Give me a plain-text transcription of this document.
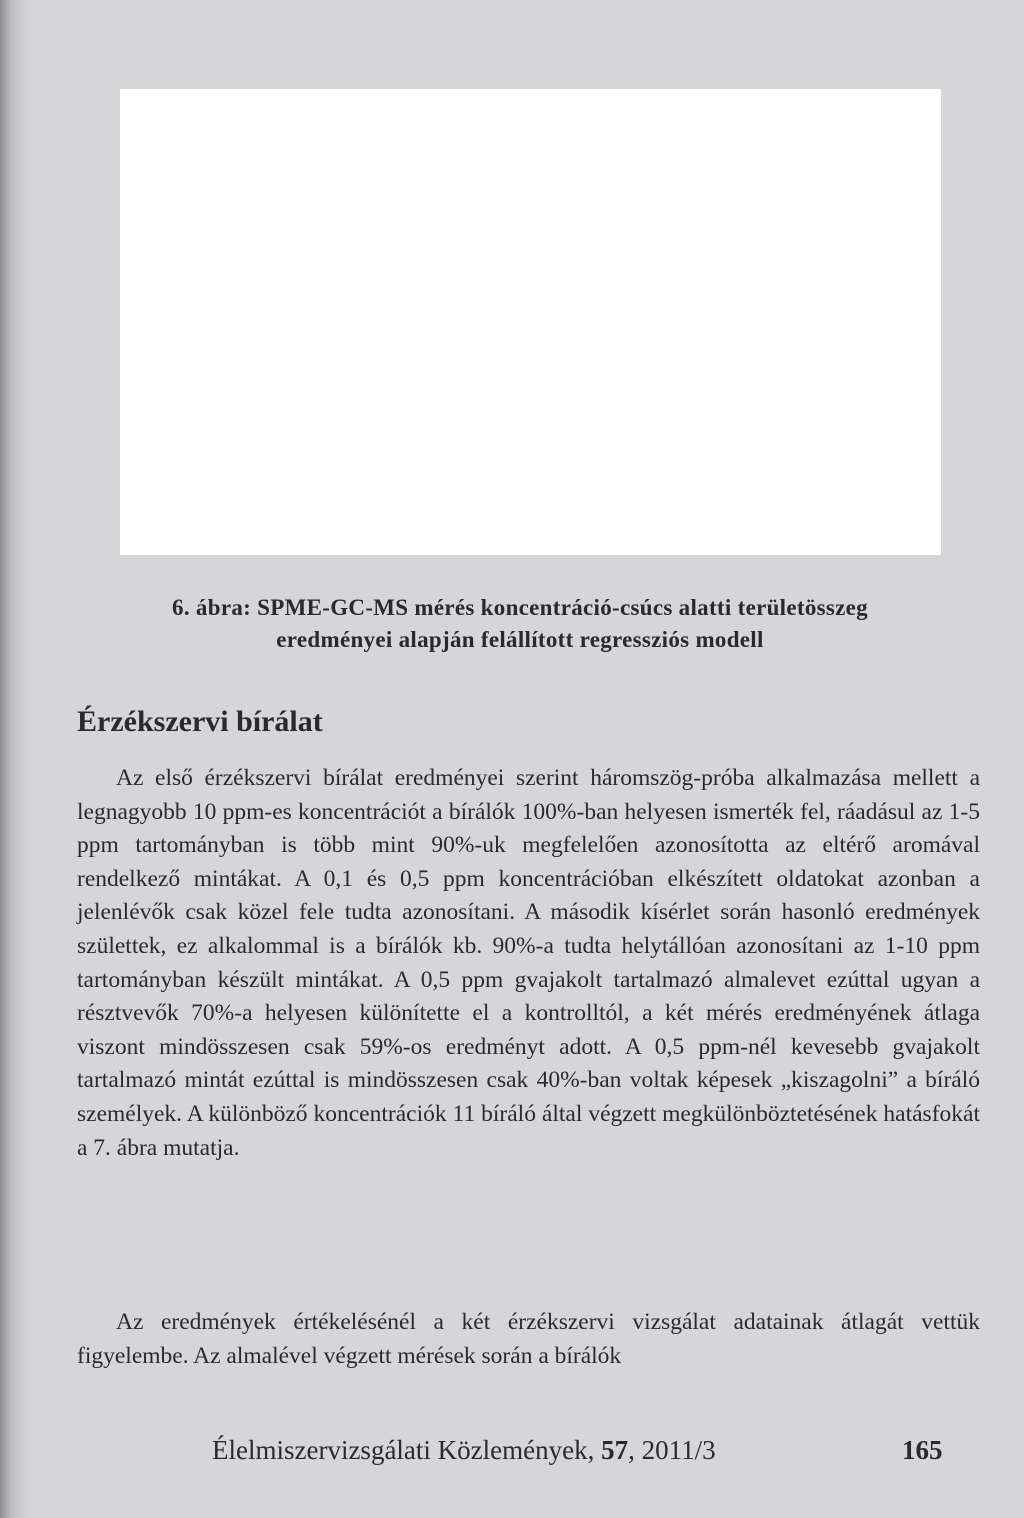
6. ábra: SPME-GC-MS mérés koncentráció-csúcs alatti területösszeg
eredményei alapján felállított regressziós modell
Érzékszervi bírálat

Az első érzékszervi bírálat eredményei szerint háromszög-próba alkalmazása mellett a legnagyobb 10 ppm-es koncentrációt a bírálók 100%-ban helyesen ismerték fel, ráadásul az 1-5 ppm tartományban is több mint 90%-uk megfelelően azonosította az eltérő aromával rendelkező mintákat. A 0,1 és 0,5 ppm koncentrációban elkészített oldatokat azonban a jelenlévők csak közel fele tudta azonosítani. A második kísérlet során hasonló eredmények születtek, ez alkalommal is a bírálók kb. 90%-a tudta helytállóan azonosítani az 1-10 ppm tartományban készült mintákat. A 0,5 ppm gvajakolt tartalmazó almalevet ezúttal ugyan a résztvevők 70%-a helyesen különítette el a kontrolltól, a két mérés eredményének átlaga viszont mindösszesen csak 59%-os eredményt adott. A 0,5 ppm-nél kevesebb gvajakolt tartalmazó mintát ezúttal is mindösszesen csak 40%-ban voltak képesek „kiszagolni” a bíráló személyek. A különböző koncentrációk 11 bíráló által végzett megkülönböztetésének hatásfokát a 7. ábra mutatja.

Az eredmények értékelésénél a két érzékszervi vizsgálat adatainak átlagát vettük figyelembe. Az almalével végzett mérések során a bírálók

Élelmiszervizsgálati Közlemények, 57, 2011/3	165
